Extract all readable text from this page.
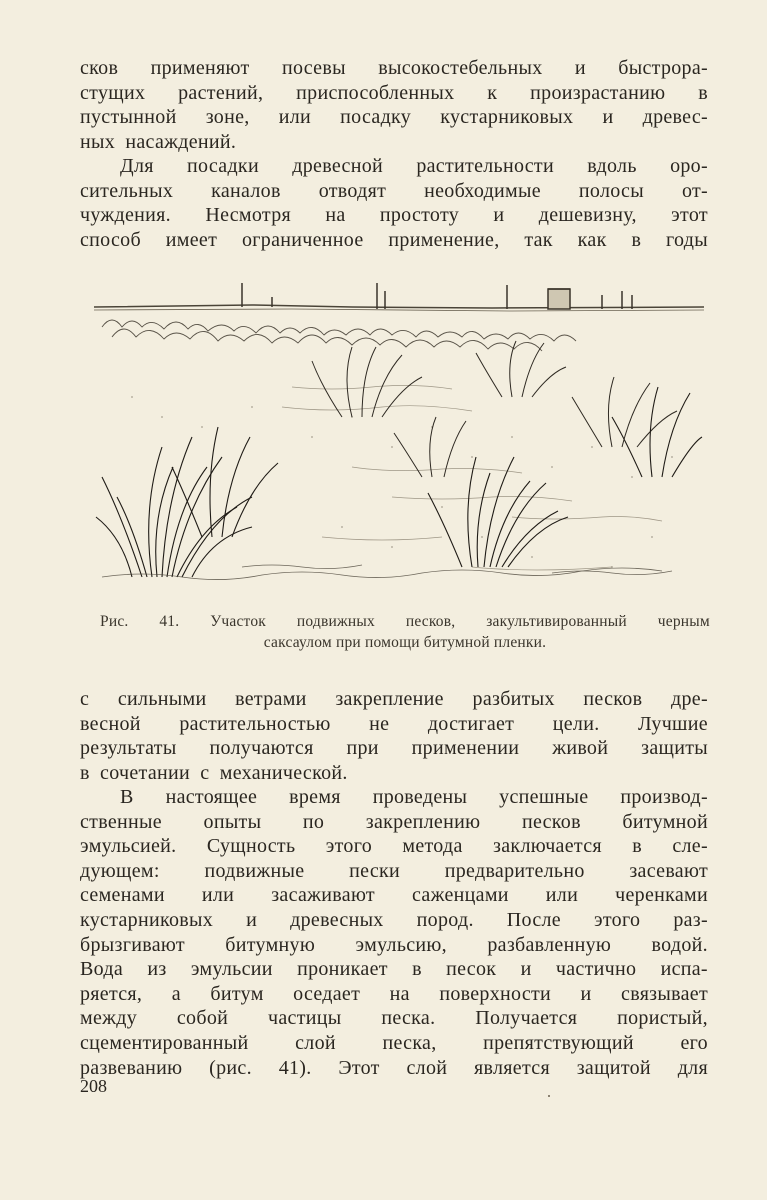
сков применяют посевы высокостебельных и быстрора-
стущих растений, приспособленных к произрастанию в
пустынной зоне, или посадку кустарниковых и древес-
ных насаждений.
Для посадки древесной растительности вдоль оро-
сительных каналов отводят необходимые полосы от-
чуждения. Несмотря на простоту и дешевизну, этот
способ имеет ограниченное применение, так как в годы
Рис. 41. Участок подвижных песков, закультивированный черным
саксаулом при помощи битумной пленки.
с сильными ветрами закрепление разбитых песков дре-
весной растительностью не достигает цели. Лучшие
результаты получаются при применении живой защиты
в сочетании с механической.
В настоящее время проведены успешные производ-
ственные опыты по закреплению песков битумной
эмульсией. Сущность этого метода заключается в сле-
дующем: подвижные пески предварительно засевают
семенами или засаживают саженцами или черенками
кустарниковых и древесных пород. После этого раз-
брызгивают битумную эмульсию, разбавленную водой.
Вода из эмульсии проникает в песок и частично испа-
ряется, а битум оседает на поверхности и связывает
между собой частицы песка. Получается пористый,
сцементированный слой песка, препятствующий его
развеванию (рис. 41). Этот слой является защитой для
208
